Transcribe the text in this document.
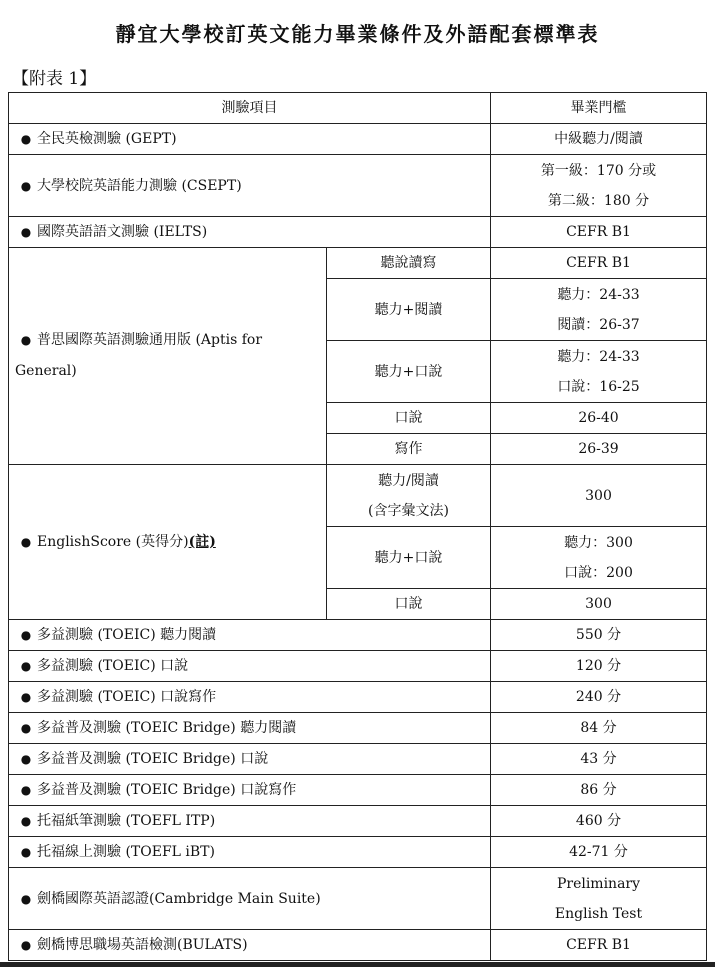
靜宜大學校訂英文能力畢業條件及外語配套標準表
【附表 1】
測驗項目		畢業門檻
● 全民英檢測驗 (GEPT)		中級聽力/閱讀
● 大學校院英語能力測驗 (CSEPT)		第一級：170 分或
第二級：180 分

● 國際英語語文測驗 (IELTS)		CEFR B1
● 普思國際英語測驗通用版 (Aptis for General)	聽說讀寫	CEFR B1
	聽力+閱讀	聽力：24-33
閱讀：26-37

	聽力+口說	聽力：24-33
口說：16-25

	口說	26-40
	寫作	26-39
● EnglishScore (英得分)(註)	聽力/閱讀
(含字彙文法)	300
	聽力+口說	聽力：300
口說：200

	口說	300
● 多益測驗 (TOEIC) 聽力閱讀		550 分
● 多益測驗 (TOEIC) 口說		120 分
● 多益測驗 (TOEIC) 口說寫作		240 分
● 多益普及測驗 (TOEIC Bridge) 聽力閱讀		84 分
● 多益普及測驗 (TOEIC Bridge) 口說		43 分
● 多益普及測驗 (TOEIC Bridge) 口說寫作		86 分
● 托福紙筆測驗 (TOEFL ITP)		460 分
● 托福線上測驗 (TOEFL iBT)		42-71 分
● 劍橋國際英語認證(Cambridge Main Suite)		Preliminary
English Test

● 劍橋博思職場英語檢測(BULATS)		CEFR B1
